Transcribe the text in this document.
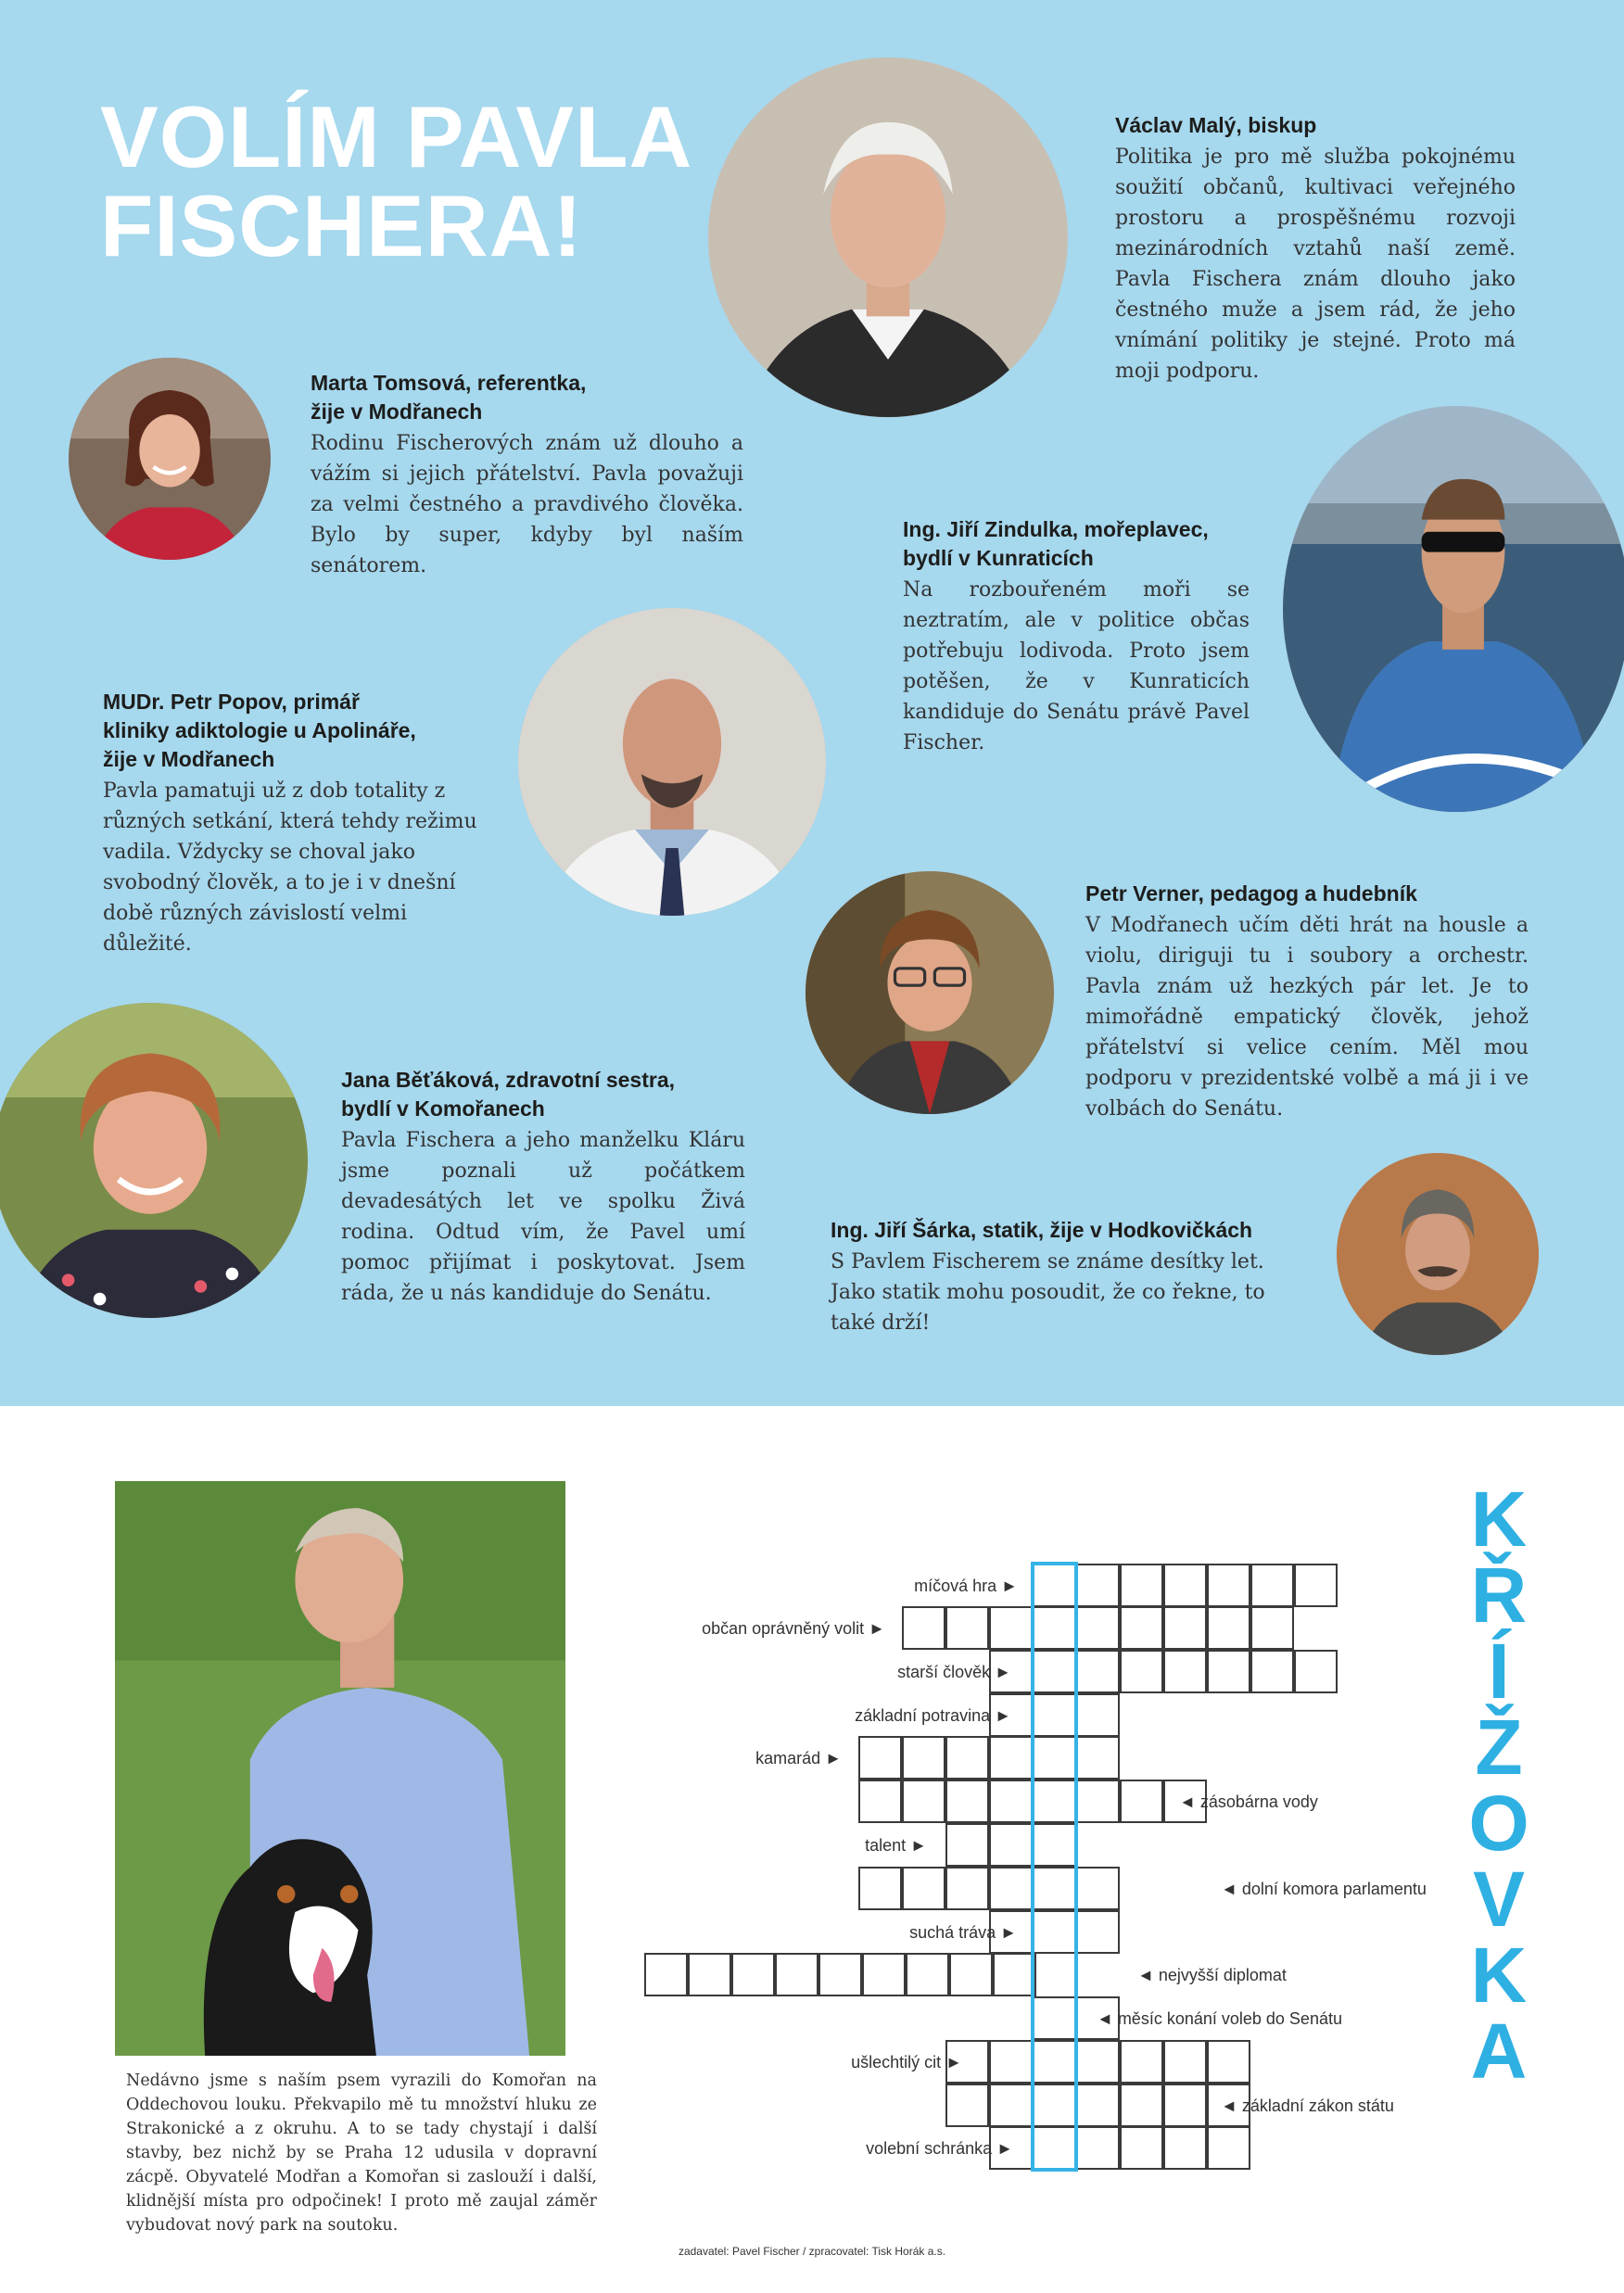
VOLÍM PAVLA
FISCHERA!
Václav Malý, biskup
Politika je pro mě služba pokojnému soužití občanů, kultivaci veřejného prostoru a prospěšnému rozvoji mezinárodních vztahů naší země. Pavla Fischera znám dlouho jako čestného muže a jsem rád, že jeho vnímání politiky je stejné. Proto má moji podporu.
Marta Tomsová, referentka,
žije v Modřanech
Rodinu Fischerových znám už dlouho a vážím si jejich přátelství. Pavla považuji za velmi čestného a pravdivého člověka. Bylo by super, kdyby byl naším senátorem.
Ing. Jiří Zindulka, mořeplavec,
bydlí v Kunraticích
Na rozbouřeném moři se neztratím, ale v politice občas potřebuju lodivoda. Proto jsem potěšen, že v Kunraticích kandiduje do Senátu právě Pavel Fischer.
MUDr. Petr Popov, primář
kliniky adiktologie u Apolináře,
žije v Modřanech
Pavla pamatuji už z dob totality z různých setkání, která tehdy režimu vadila. Vždycky se choval jako svobodný člověk, a to je i v dnešní době různých závislostí velmi důležité.
Petr Verner, pedagog a hudebník
V Modřanech učím děti hrát na housle a violu, diriguji tu i soubory a orchestr. Pavla znám už hezkých pár let. Je to mimořádně empatický člověk, jehož přátelství si velice cením. Měl mou podporu v prezidentské volbě a má ji i ve volbách do Senátu.
Jana Běťáková, zdravotní sestra,
bydlí v Komořanech
Pavla Fischera a jeho manželku Kláru jsme poznali už počátkem devadesátých let ve spolku Živá rodina. Odtud vím, že Pavel umí pomoc přijímat i poskytovat. Jsem ráda, že u nás kandiduje do Senátu.
Ing. Jiří Šárka, statik, žije v Hodkovičkách
S Pavlem Fischerem se známe desítky let. Jako statik mohu posoudit, že co řekne, to také drží!
Nedávno jsme s naším psem vyrazili do Komořan na Oddechovou louku. Překvapilo mě tu množství hluku ze Strakonické a z okruhu. A to se tady chystají i další stavby, bez nichž by se Praha 12 udusila v dopravní zácpě. Obyvatelé Modřan a Komořan si zaslouží i další, klidnější místa pro odpočinek! I proto mě zaujal záměr vybudovat nový park na soutoku.
K
Ř
Í
Ž
O
V
K
A
míčová hra ►
občan oprávněný volit ►
starší člověk ►
základní potravina ►
kamarád ►
◄ zásobárna vody
talent ►
◄ dolní komora parlamentu
suchá tráva ►
◄ nejvyšší diplomat
◄ měsíc konání voleb do Senátu
ušlechtilý cit ►
◄ základní zákon státu
volební schránka ►
zadavatel: Pavel Fischer / zpracovatel: Tisk Horák a.s.
